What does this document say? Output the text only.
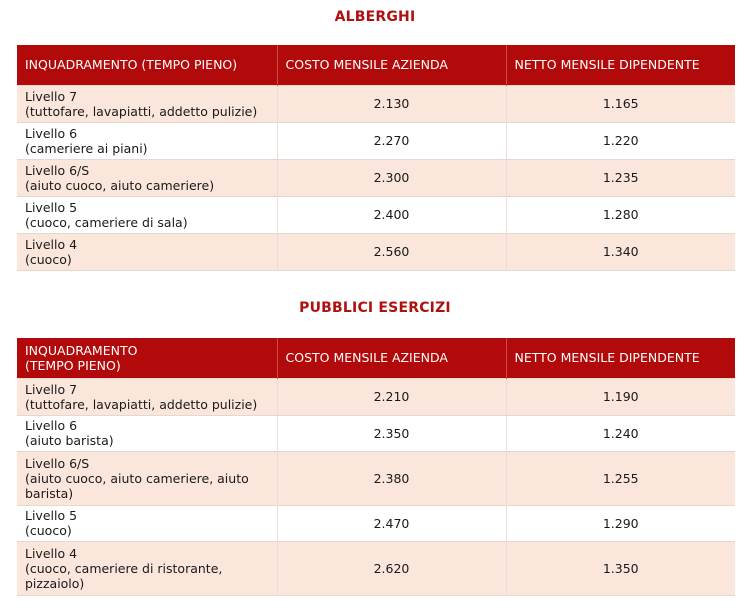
ALBERGHI
INQUADRAMENTO (TEMPO PIENO)	COSTO MENSILE AZIENDA	NETTO MENSILE DIPENDENTE

Livello 7
(tuttofare, lavapiatti, addetto pulizie)	2.130	1.165

Livello 6
(cameriere ai piani)	2.270	1.220

Livello 6/S
(aiuto cuoco, aiuto cameriere)	2.300	1.235

Livello 5
(cuoco, cameriere di sala)	2.400	1.280

Livello 4
(cuoco)	2.560	1.340
PUBBLICI ESERCIZI
INQUADRAMENTO
(TEMPO PIENO)	COSTO MENSILE AZIENDA	NETTO MENSILE DIPENDENTE

Livello 7
(tuttofare, lavapiatti, addetto pulizie)	2.210	1.190

Livello 6
(aiuto barista)	2.350	1.240

Livello 6/S
(aiuto cuoco, aiuto cameriere, aiuto barista)	2.380	1.255

Livello 5
(cuoco)	2.470	1.290

Livello 4
(cuoco, cameriere di ristorante, pizzaiolo)	2.620	1.350
